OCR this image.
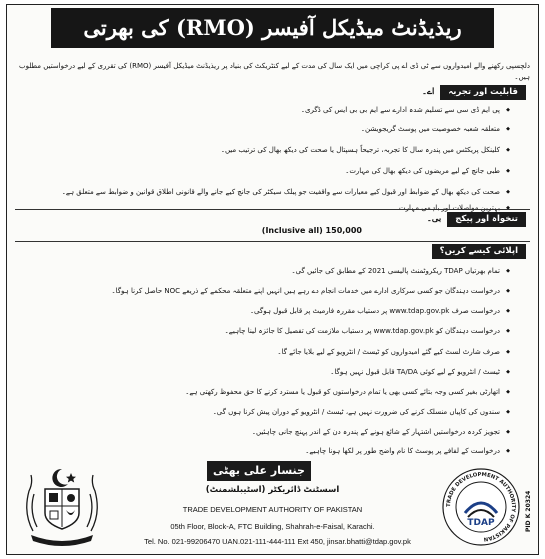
ریذیڈنٹ میڈیکل آفیسر (RMO) کی بھرتی
دلچسپی رکھنے والے امیدواروں سے ٹی ڈی اے پی کراچی میں ایک سال کی مدت کے لیے کنٹریکٹ کی بنیاد پر ریذیڈنٹ میڈیکل آفیسر (RMO) کی تقرری کے لیے درخواستیں مطلوب ہیں۔
اے۔	قابلیت اور تجربہ
◆ پی ایم ڈی سی سے تسلیم شدہ ادارے سے ایم بی بی ایس کی ڈگری۔
◆ متعلقہ شعبہ خصوصیت میں پوسٹ گریجویشن۔
◆ کلینکل پریکٹس میں پندرہ سال کا تجربہ، ترجیحاً ہسپتال یا صحت کی دیکھ بھال کی ترتیب میں۔
◆ طبی جانچ کے لیے مریضوں کی دیکھ بھال کی مہارت۔
◆ صحت کی دیکھ بھال کے ضوابط اور قبول کیے معیارات سے واقفیت جو پبلک سیکٹر کی جانچ کیے جانے والے قانونی اطلاق قوانین و ضوابط سے متعلق ہے۔
◆ بہترین مواصلات اور باہمی مہارت۔
بی۔	تنخواہ اور پیکج
(Inclusive all) 150,000
اپلائی کیسے کریں؟
◆ تمام بھرتیاں TDAP ریکروٹمنٹ پالیسی 2021 کے مطابق کی جائیں گی۔
◆ درخواست دہندگان جو کسی سرکاری ادارے میں خدمات انجام دے رہے ہیں انہیں اپنے متعلقہ محکمے کے ذریعے NOC حاصل کرنا ہوگا۔
◆ درخواست صرف www.tdap.gov.pk پر دستیاب مقررہ فارمیٹ پر قابل قبول ہوگی۔
◆ درخواست دہندگان کو www.tdap.gov.pk پر دستیاب ملازمت کی تفصیل کا جائزہ لینا چاہیے۔
◆ صرف شارٹ لسٹ کیے گئے امیدواروں کو ٹیسٹ / انٹرویو کے لیے بلایا جائے گا۔
◆ ٹیسٹ / انٹرویو کے لیے کوئی TA/DA قابل قبول نہیں ہوگا۔
◆ اتھارٹی بغیر کسی وجہ بتائے کسی بھی یا تمام درخواستوں کو قبول یا مسترد کرنے کا حق محفوظ رکھتی ہے۔
◆ سندوں کی کاپیاں منسلک کرنے کی ضرورت نہیں ہے، ٹیسٹ / انٹرویو کے دوران پیش کرنا ہوں گی۔
◆ تجویز کردہ درخواستیں اشتہار کے شائع ہونے کے پندرہ دن کے اندر پہنچ جانی چاہئیں۔
◆ درخواست کے لفافے پر پوسٹ کا نام واضح طور پر لکھا ہونا چاہیے۔
جنسار علی بھٹی
اسسٹنٹ ڈائریکٹر (اسٹیبلشمنٹ)
TRADE DEVELOPMENT AUTHORITY OF PAKISTAN
05th Floor, Block-A, FTC Building, Shahrah-e-Faisal, Karachi.
Tel. No. 021-99206470 UAN.021-111-444-111 Ext 450, jinsar.bhatti@tdap.gov.pk
TRADE DEVELOPMENT AUTHORITY OF PAKISTAN
TDAP	PID K 20324
